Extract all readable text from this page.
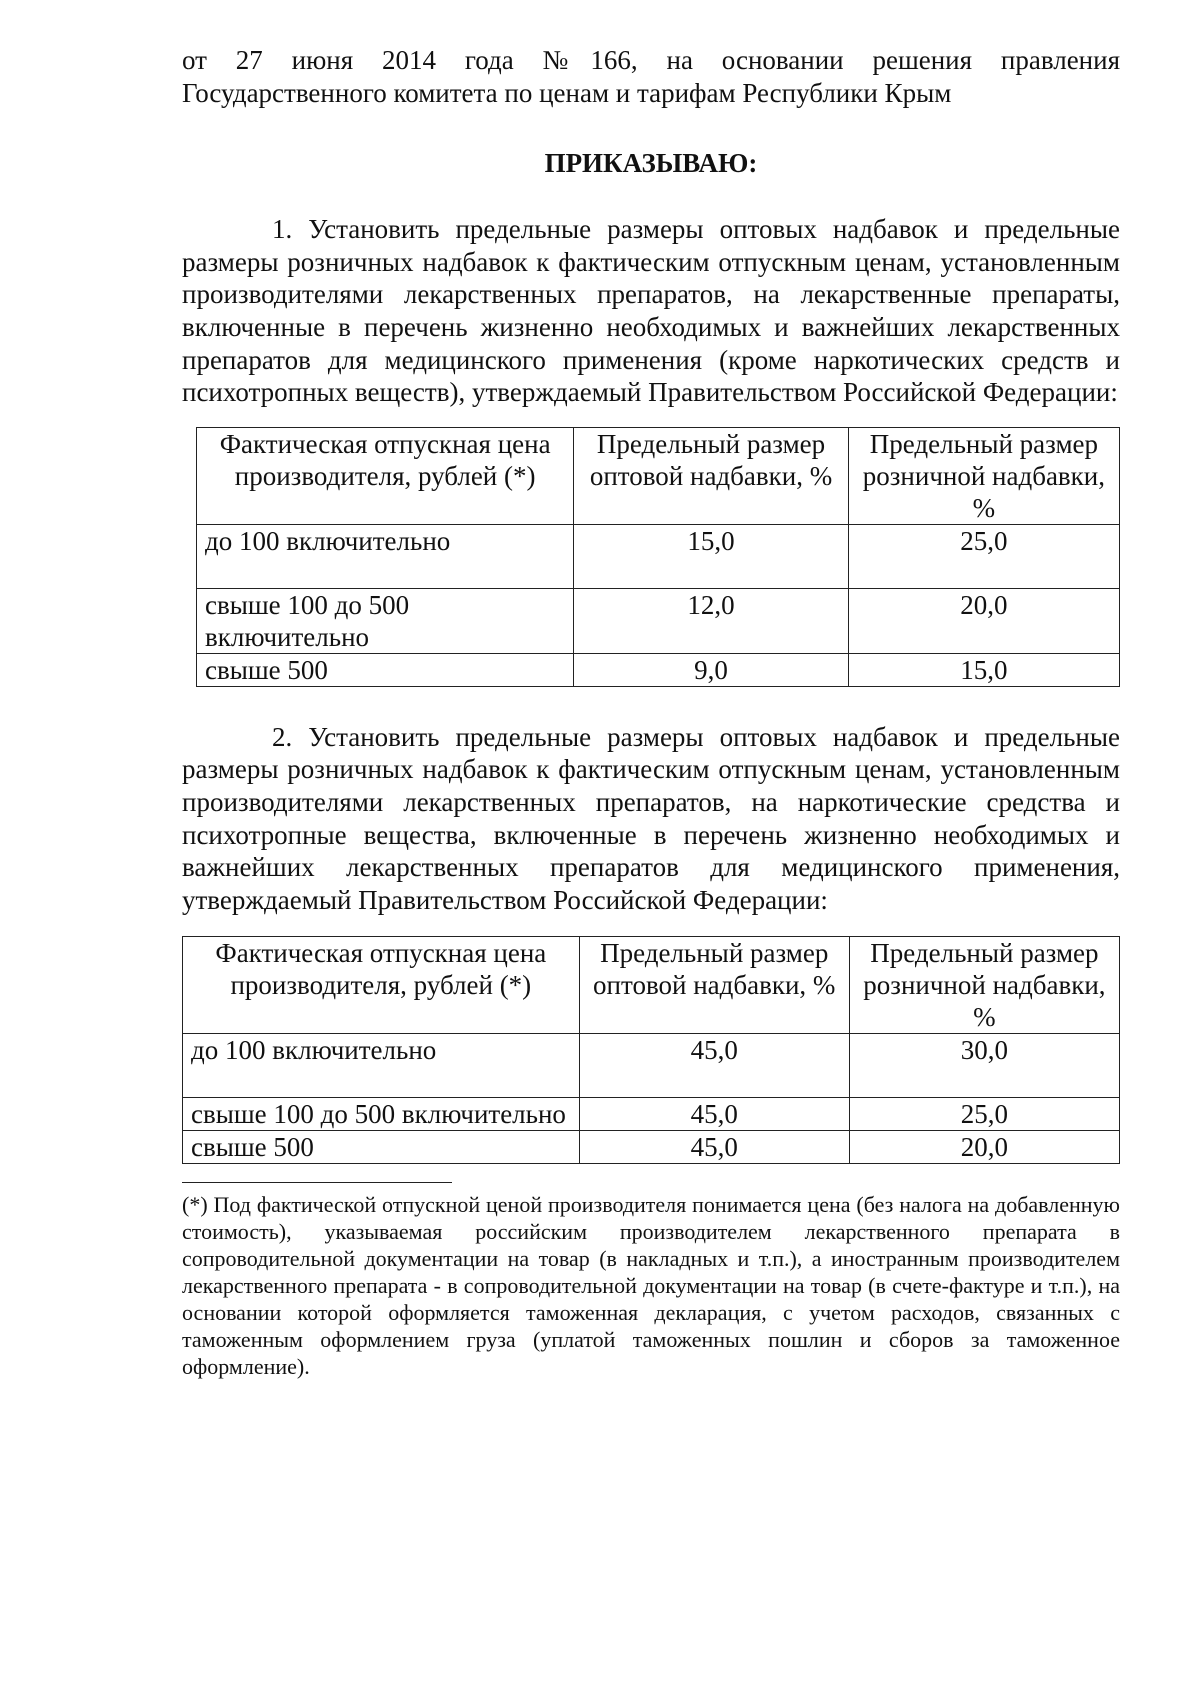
от 27 июня 2014 года №166, на основании решения правления

Государственного комитета по ценам и тарифам Республики Крым

ПРИКАЗЫВАЮ:

1. Установить предельные размеры оптовых надбавок и предельные размеры розничных надбавок к фактическим отпускным ценам, установленным производителями лекарственных препаратов, на лекарственные препараты, включенные в перечень жизненно необходимых и важнейших лекарственных препаратов для медицинского применения (кроме наркотических средств и психотропных веществ), утверждаемый Правительством Российской Федерации:

Фактическая отпускная цена производителя, рублей (*)	Предельный размер оптовой надбавки, %	Предельный размер розничной надбавки, %
до 100 включительно	15,0	25,0
свыше 100 до 500 включительно	12,0	20,0
свыше 500	9,0	15,0

2. Установить предельные размеры оптовых надбавок и предельные размеры розничных надбавок к фактическим отпускным ценам, установленным производителями лекарственных препаратов, на наркотические средства и психотропные вещества, включенные в перечень жизненно необходимых и важнейших лекарственных препаратов для медицинского применения, утверждаемый Правительством Российской Федерации:

Фактическая отпускная цена производителя, рублей (*)	Предельный размер оптовой надбавки, %	Предельный размер розничной надбавки, %
до 100 включительно	45,0	30,0
свыше 100 до 500 включительно	45,0	25,0
свыше 500	45,0	20,0

(*) Под фактической отпускной ценой производителя понимается цена (без налога на добавленную стоимость), указываемая российским производителем лекарственного препарата в сопроводительной документации на товар (в накладных и т.п.), а иностранным производителем лекарственного препарата - в сопроводительной документации на товар (в счете-фактуре и т.п.), на основании которой оформляется таможенная декларация, с учетом расходов, связанных с таможенным оформлением груза (уплатой таможенных пошлин и сборов за таможенное оформление).
